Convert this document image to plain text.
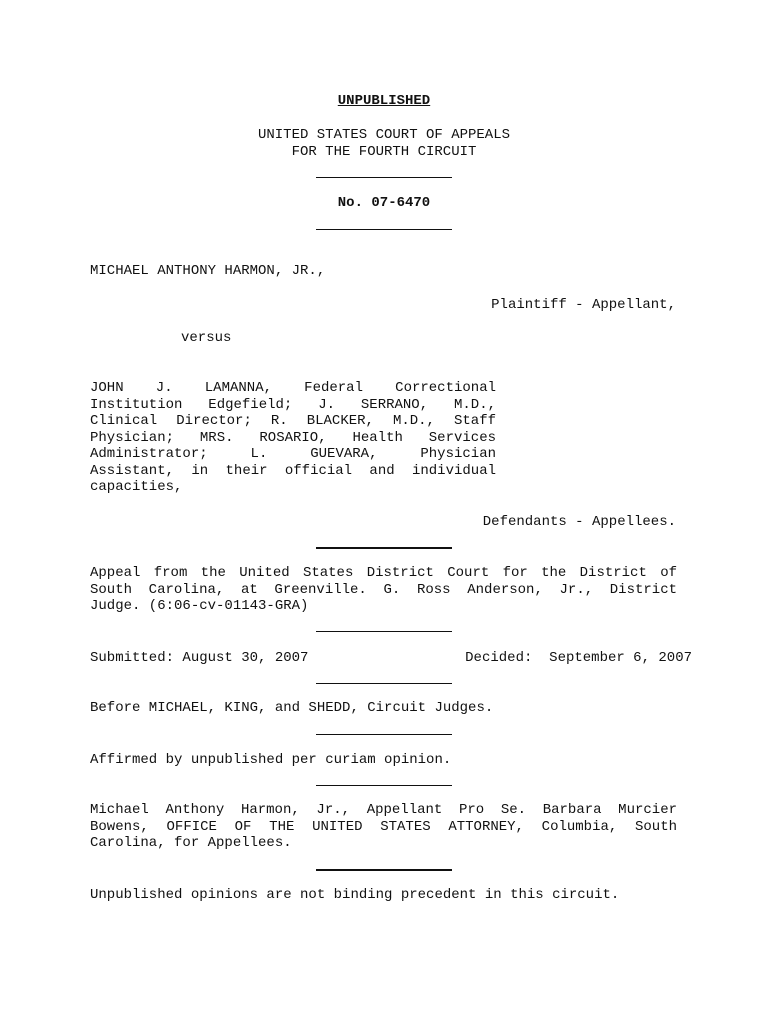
UNPUBLISHED
UNITED STATES COURT OF APPEALS
FOR THE FOURTH CIRCUIT
No. 07-6470
MICHAEL ANTHONY HARMON, JR.,
Plaintiff - Appellant,
versus
JOHN J. LAMANNA, Federal Correctional
Institution Edgefield; J. SERRANO, M.D.,
Clinical Director; R. BLACKER, M.D., Staff
Physician; MRS. ROSARIO, Health Services
Administrator; L. GUEVARA, Physician
Assistant, in their official and individual
capacities,
Defendants - Appellees.
Appeal from the United States District Court for the District of
South Carolina, at Greenville. G. Ross Anderson, Jr., District
Judge. (6:06-cv-01143-GRA)
Submitted: August 30, 2007	Decided:  September 6, 2007
Before MICHAEL, KING, and SHEDD, Circuit Judges.
Affirmed by unpublished per curiam opinion.
Michael Anthony Harmon, Jr., Appellant Pro Se. Barbara Murcier
Bowens, OFFICE OF THE UNITED STATES ATTORNEY, Columbia, South
Carolina, for Appellees.
Unpublished opinions are not binding precedent in this circuit.
